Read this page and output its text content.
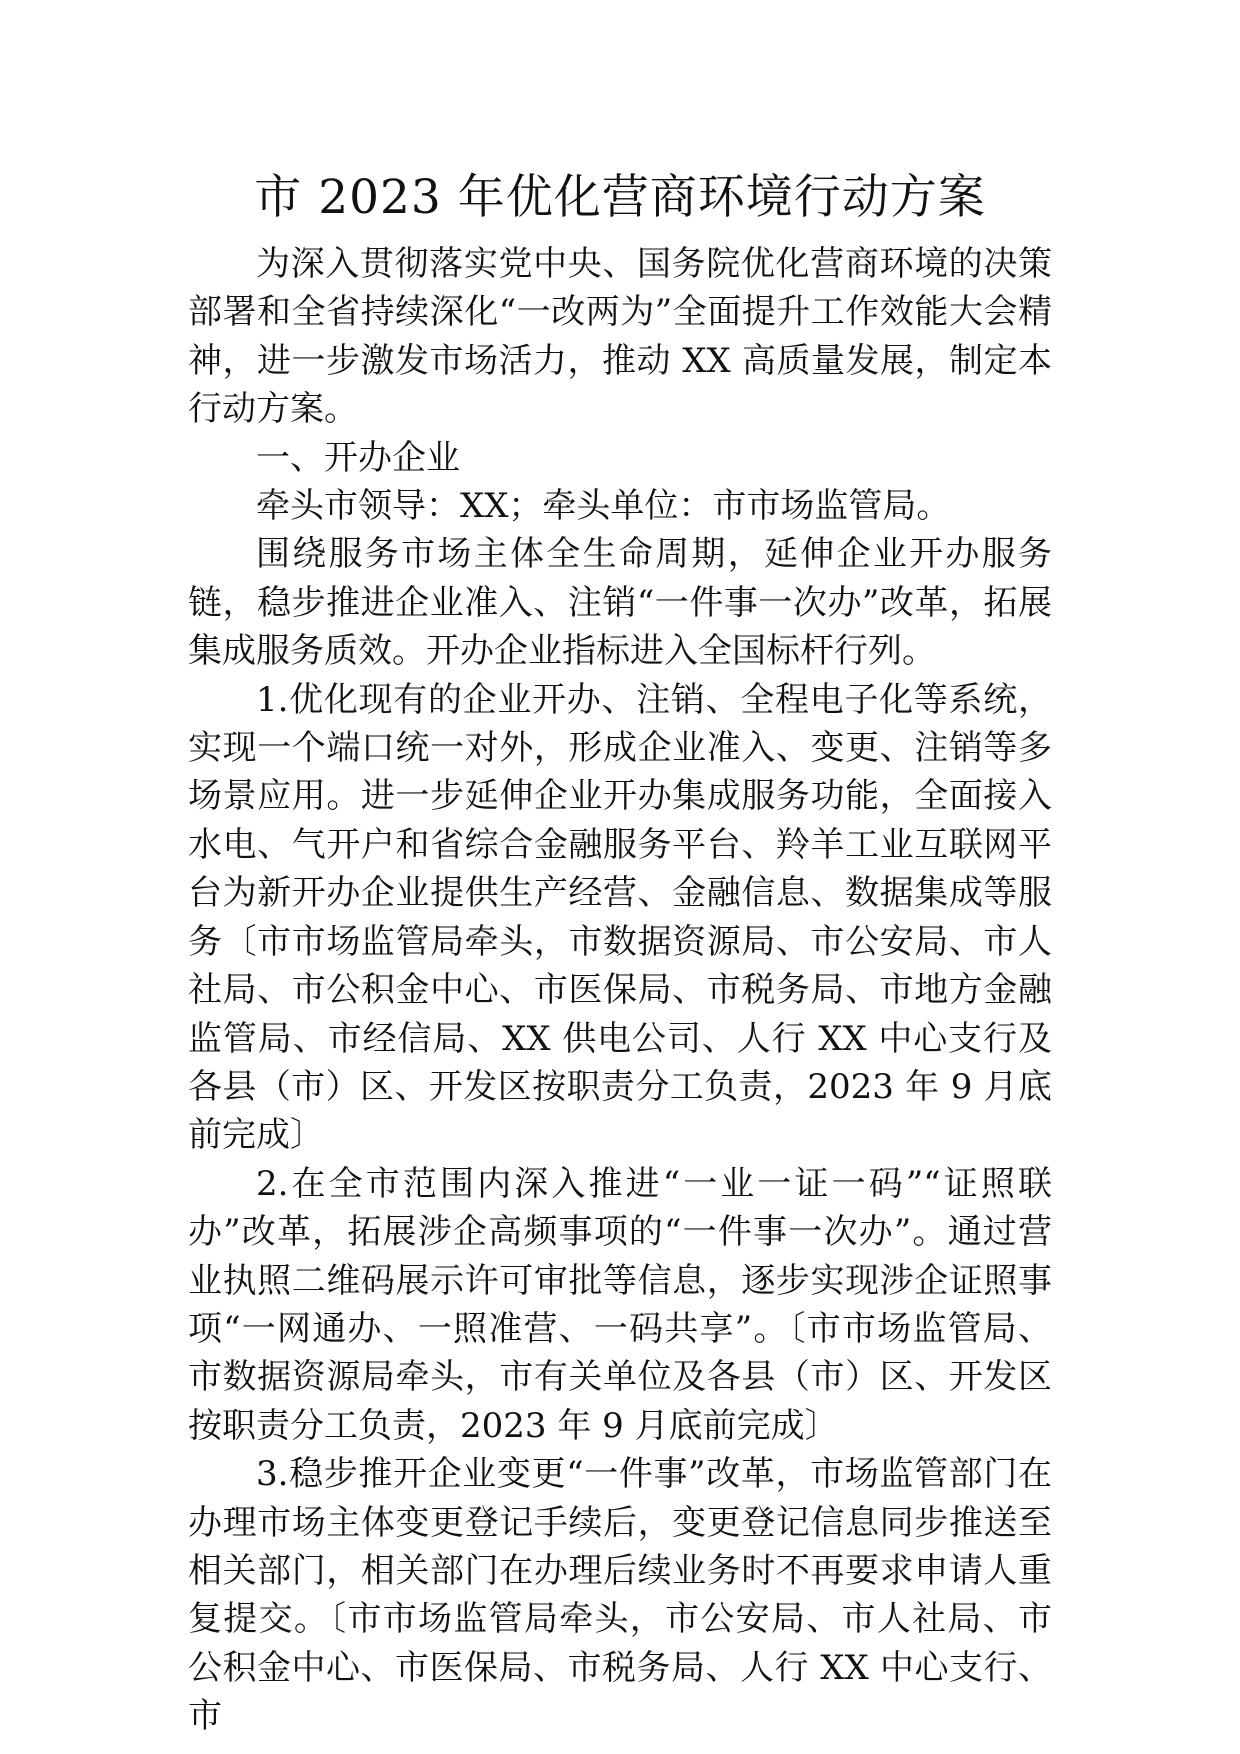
市 2023 年优化营商环境行动方案

为深入贯彻落实党中央、国务院优化营商环境的决策部署和全省持续深化“一改两为”全面提升工作效能大会精神，进一步激发市场活力，推动 XX 高质量发展，制定本行动方案。

一、开办企业

牵头市领导：XX；牵头单位：市市场监管局。

围绕服务市场主体全生命周期，延伸企业开办服务链，稳步推进企业准入、注销“一件事一次办”改革，拓展集成服务质效。开办企业指标进入全国标杆行列。

1.优化现有的企业开办、注销、全程电子化等系统，实现一个端口统一对外，形成企业准入、变更、注销等多场景应用。进一步延伸企业开办集成服务功能，全面接入水电、气开户和省综合金融服务平台、羚羊工业互联网平台为新开办企业提供生产经营、金融信息、数据集成等服务〔市市场监管局牵头，市数据资源局、市公安局、市人社局、市公积金中心、市医保局、市税务局、市地方金融监管局、市经信局、XX 供电公司、人行 XX 中心支行及各县（市）区、开发区按职责分工负责，2023 年 9 月底前完成〕

2.在全市范围内深入推进“一业一证一码”“证照联办”改革，拓展涉企高频事项的“一件事一次办”。通过营业执照二维码展示许可审批等信息，逐步实现涉企证照事项“一网通办、一照准营、一码共享”。〔市市场监管局、市数据资源局牵头，市有关单位及各县（市）区、开发区按职责分工负责，2023 年 9 月底前完成〕

3.稳步推开企业变更“一件事”改革，市场监管部门在办理市场主体变更登记手续后，变更登记信息同步推送至相关部门，相关部门在办理后续业务时不再要求申请人重复提交。〔市市场监管局牵头，市公安局、市人社局、市公积金中心、市医保局、市税务局、人行 XX 中心支行、市
